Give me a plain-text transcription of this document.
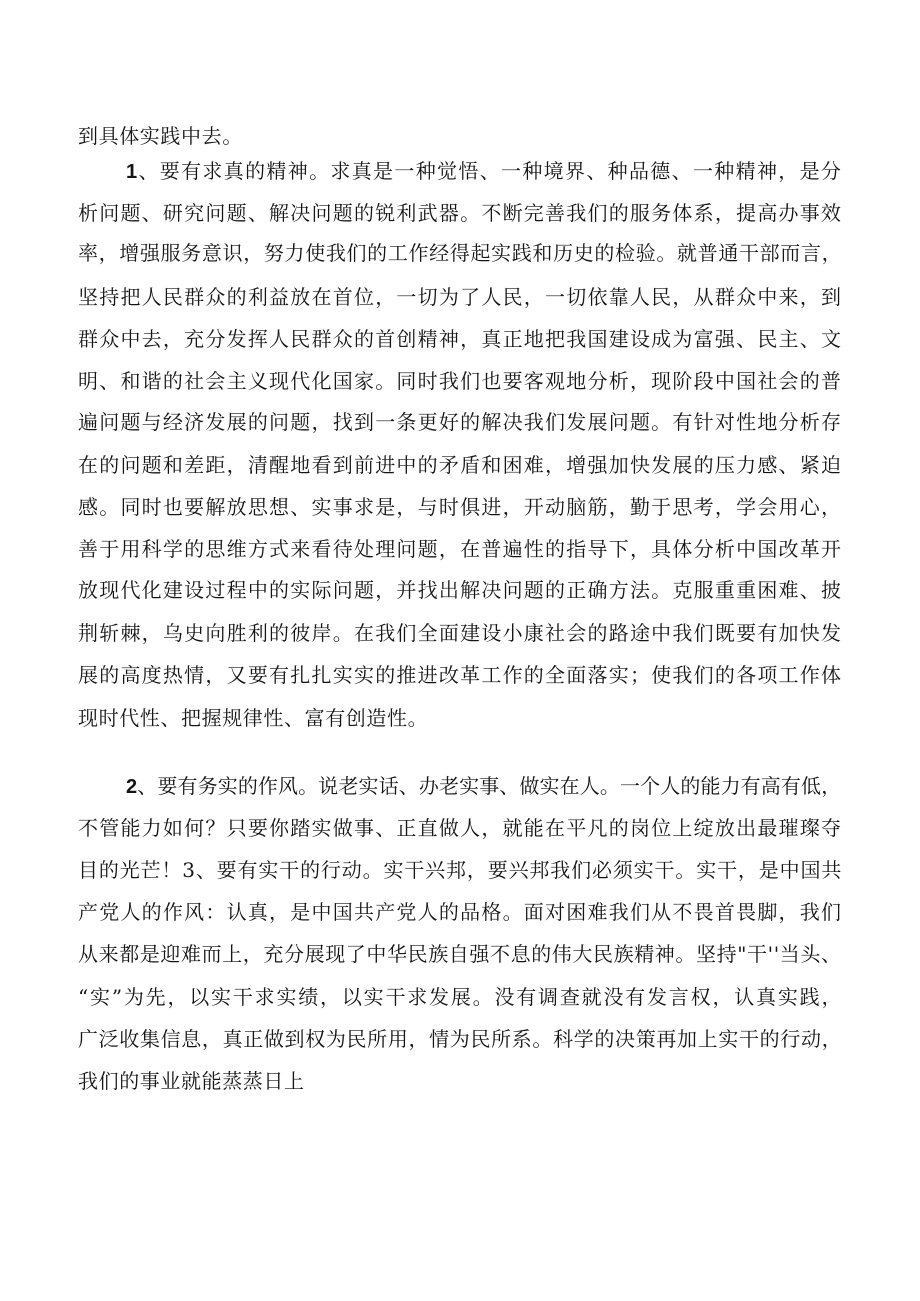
到具体实践中去。
1、要有求真的精神。求真是一种觉悟、一种境界、种品德、一种精神，是分
析问题、研究问题、解决问题的锐利武器。不断完善我们的服务体系，提高办事效
率，增强服务意识，努力使我们的工作经得起实践和历史的检验。就普通干部而言，
坚持把人民群众的利益放在首位，一切为了人民，一切依靠人民，从群众中来，到
群众中去，充分发挥人民群众的首创精神，真正地把我国建设成为富强、民主、文
明、和谐的社会主义现代化国家。同时我们也要客观地分析，现阶段中国社会的普
遍问题与经济发展的问题，找到一条更好的解决我们发展问题。有针对性地分析存
在的问题和差距，清醒地看到前进中的矛盾和困难，增强加快发展的压力感、紧迫
感。同时也要解放思想、实事求是，与时俱进，开动脑筋，勤于思考，学会用心，
善于用科学的思维方式来看待处理问题，在普遍性的指导下，具体分析中国改革开
放现代化建设过程中的实际问题，并找出解决问题的正确方法。克服重重困难、披
荆斩棘，乌史向胜利的彼岸。在我们全面建设小康社会的路途中我们既要有加快发
展的高度热情，又要有扎扎实实的推进改革工作的全面落实；使我们的各项工作体
现时代性、把握规律性、富有创造性。
2、要有务实的作风。说老实话、办老实事、做实在人。一个人的能力有高有低，
不管能力如何？只要你踏实做事、正直做人，就能在平凡的岗位上绽放出最璀璨夺
目的光芒！3、要有实干的行动。实干兴邦，要兴邦我们必须实干。实干，是中国共
产党人的作风：认真，是中国共产党人的品格。面对困难我们从不畏首畏脚，我们
从来都是迎难而上，充分展现了中华民族自强不息的伟大民族精神。坚持"干''当头、
“实”为先，以实干求实绩，以实干求发展。没有调查就没有发言权，认真实践，
广泛收集信息，真正做到权为民所用，情为民所系。科学的决策再加上实干的行动，
我们的事业就能蒸蒸日上
